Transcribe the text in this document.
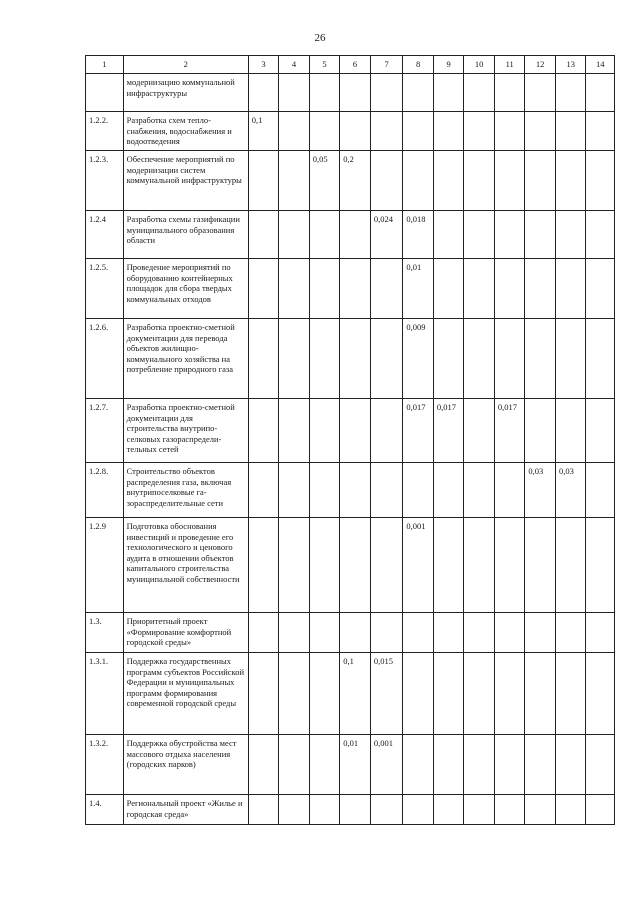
26
1	2	3	4	5	6	7	8	9	10	11	12	13	14
	модернизацию коммунальной инфраструктуры												
1.2.2.	Разработка схем теплоснабжения, водоснабжения и водоотведения	0,1											
1.2.3.	Обеспечение мероприятий по модернизации систем коммунальной инфраструктуры			0,05	0,2								
1.2.4	Разработка схемы газификации муниципального образования области					0,024	0,018						
1.2.5.	Проведение мероприятий по оборудованию контейнерных площадок для сбора твердых коммунальных отходов						0,01						
1.2.6.	Разработка проектно-сметной документации для перевода объектов жилищно-коммунального хозяйства на потребление природного газа						0,009						
1.2.7.	Разработка проектно-сметной документации для строительства внутрипоселковых газораспределительных сетей						0,017	0,017		0,017			
1.2.8.	Строительство объектов распределения газа, включая внутрипоселковые газораспределительные сети										0,03	0,03	
1.2.9	Подготовка обоснования инвестиций и проведение его технологического и ценового аудита в отношении объектов капитального строительства муниципальной собственности						0,001						
1.3.	Приоритетный проект «Формирование комфортной городской среды»												
1.3.1.	Поддержка государственных программ субъектов Российской Федерации и муниципальных программ формирования современной городской среды				0,1	0,015							
1.3.2.	Поддержка обустройства мест массового отдыха населения (городских парков)				0,01	0,001							
1.4.	Региональный проект «Жилье и городская среда»												
